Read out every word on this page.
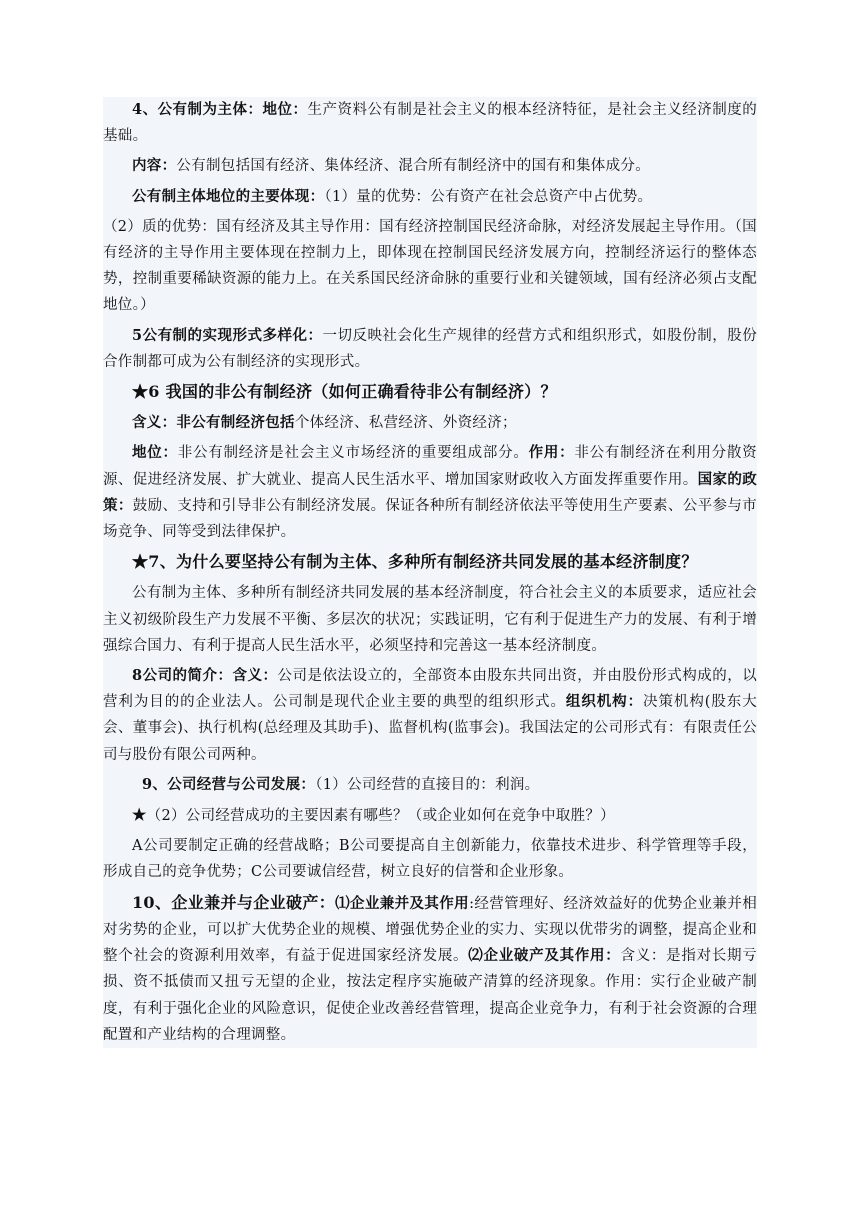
4、公有制为主体：地位：生产资料公有制是社会主义的根本经济特征，是社会主义经济制度的基础。

内容：公有制包括国有经济、集体经济、混合所有制经济中的国有和集体成分。

公有制主体地位的主要体现：（1）量的优势：公有资产在社会总资产中占优势。

（2）质的优势：国有经济及其主导作用：国有经济控制国民经济命脉，对经济发展起主导作用。（国有经济的主导作用主要体现在控制力上，即体现在控制国民经济发展方向，控制经济运行的整体态势，控制重要稀缺资源的能力上。在关系国民经济命脉的重要行业和关键领域，国有经济必须占支配地位。）

5公有制的实现形式多样化：一切反映社会化生产规律的经营方式和组织形式，如股份制，股份合作制都可成为公有制经济的实现形式。

★6 我国的非公有制经济（如何正确看待非公有制经济）？

含义：非公有制经济包括个体经济、私营经济、外资经济；

地位：非公有制经济是社会主义市场经济的重要组成部分。作用：非公有制经济在利用分散资源、促进经济发展、扩大就业、提高人民生活水平、增加国家财政收入方面发挥重要作用。国家的政策：鼓励、支持和引导非公有制经济发展。保证各种所有制经济依法平等使用生产要素、公平参与市场竞争、同等受到法律保护。

★7、为什么要坚持公有制为主体、多种所有制经济共同发展的基本经济制度？

公有制为主体、多种所有制经济共同发展的基本经济制度，符合社会主义的本质要求，适应社会主义初级阶段生产力发展不平衡、多层次的状况；实践证明，它有利于促进生产力的发展、有利于增强综合国力、有利于提高人民生活水平，必须坚持和完善这一基本经济制度。

8公司的简介：含义：公司是依法设立的，全部资本由股东共同出资，并由股份形式构成的，以营利为目的的企业法人。公司制是现代企业主要的典型的组织形式。组织机构：决策机构(股东大会、董事会)、执行机构(总经理及其助手)、监督机构(监事会)。我国法定的公司形式有：有限责任公司与股份有限公司两种。

9、公司经营与公司发展：（1）公司经营的直接目的：利润。

★（2）公司经营成功的主要因素有哪些？（或企业如何在竞争中取胜？）

A公司要制定正确的经营战略；B公司要提高自主创新能力，依靠技术进步、科学管理等手段，形成自己的竞争优势；C公司要诚信经营，树立良好的信誉和企业形象。

10、企业兼并与企业破产：⑴企业兼并及其作用:经营管理好、经济效益好的优势企业兼并相对劣势的企业，可以扩大优势企业的规模、增强优势企业的实力、实现以优带劣的调整，提高企业和整个社会的资源利用效率，有益于促进国家经济发展。⑵企业破产及其作用：含义：是指对长期亏损、资不抵债而又扭亏无望的企业，按法定程序实施破产清算的经济现象。作用：实行企业破产制度，有利于强化企业的风险意识，促使企业改善经营管理，提高企业竞争力，有利于社会资源的合理配置和产业结构的合理调整。
